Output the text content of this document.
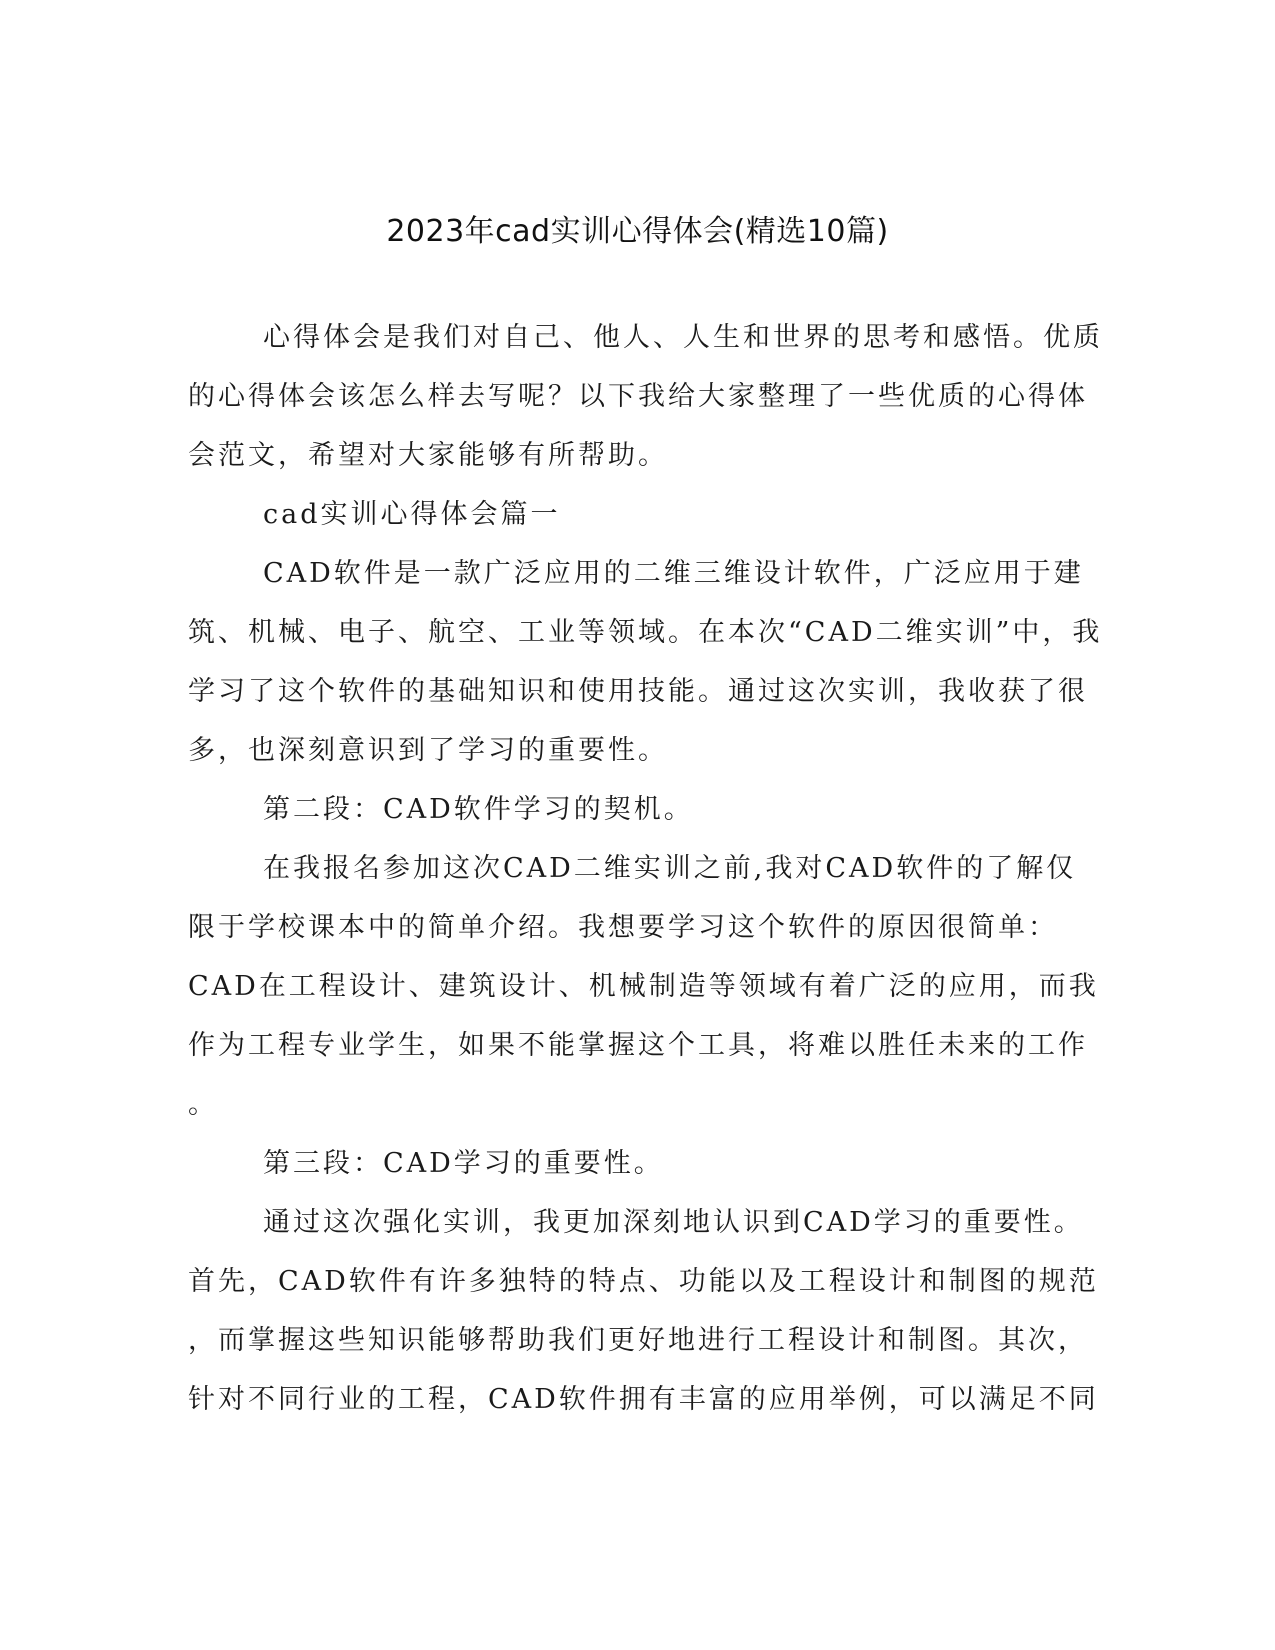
2023年cad实训心得体会(精选10篇)
心得体会是我们对自己、他人、人生和世界的思考和感悟。优质
的心得体会该怎么样去写呢？以下我给大家整理了一些优质的心得体
会范文，希望对大家能够有所帮助。
cad实训心得体会篇一
CAD软件是一款广泛应用的二维三维设计软件，广泛应用于建
筑、机械、电子、航空、工业等领域。在本次“CAD二维实训”中，我
学习了这个软件的基础知识和使用技能。通过这次实训，我收获了很
多，也深刻意识到了学习的重要性。
第二段：CAD软件学习的契机。
在我报名参加这次CAD二维实训之前,我对CAD软件的了解仅
限于学校课本中的简单介绍。我想要学习这个软件的原因很简单：
CAD在工程设计、建筑设计、机械制造等领域有着广泛的应用，而我
作为工程专业学生，如果不能掌握这个工具，将难以胜任未来的工作
。
第三段：CAD学习的重要性。
通过这次强化实训，我更加深刻地认识到CAD学习的重要性。
首先，CAD软件有许多独特的特点、功能以及工程设计和制图的规范
，而掌握这些知识能够帮助我们更好地进行工程设计和制图。其次，
针对不同行业的工程，CAD软件拥有丰富的应用举例，可以满足不同
